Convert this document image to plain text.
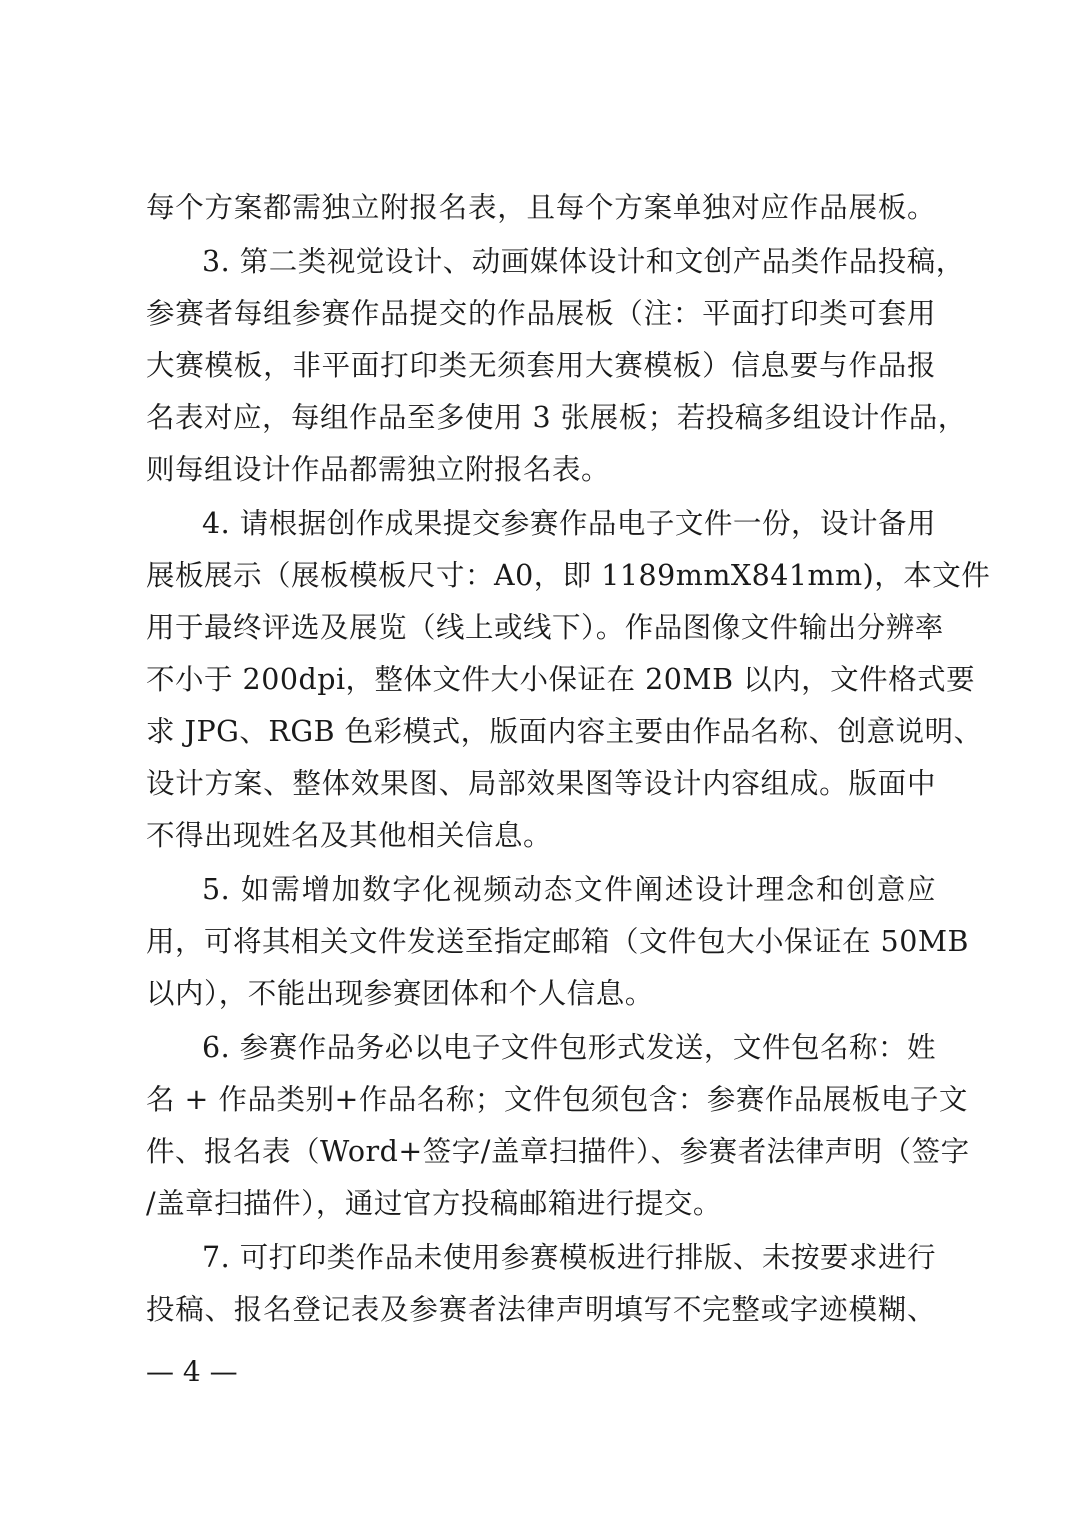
每个方案都需独立附报名表，且每个方案单独对应作品展板。
3. 第二类视觉设计、动画媒体设计和文创产品类作品投稿，
参赛者每组参赛作品提交的作品展板（注：平面打印类可套用
大赛模板，非平面打印类无须套用大赛模板）信息要与作品报
名表对应，每组作品至多使用 3 张展板；若投稿多组设计作品，
则每组设计作品都需独立附报名表。
4. 请根据创作成果提交参赛作品电子文件一份，设计备用
展板展示（展板模板尺寸：A0，即 1189mmX841mm)，本文件
用于最终评选及展览（线上或线下）。作品图像文件输出分辨率
不小于 200dpi，整体文件大小保证在 20MB 以内，文件格式要
求 JPG、RGB 色彩模式，版面内容主要由作品名称、创意说明、
设计方案、整体效果图、局部效果图等设计内容组成。版面中
不得出现姓名及其他相关信息。
5. 如需增加数字化视频动态文件阐述设计理念和创意应
用，可将其相关文件发送至指定邮箱（文件包大小保证在 50MB
以内），不能出现参赛团体和个人信息。
6. 参赛作品务必以电子文件包形式发送，文件包名称：姓
名 + 作品类别+作品名称；文件包须包含：参赛作品展板电子文
件、报名表（Word+签字/盖章扫描件）、参赛者法律声明（签字
/盖章扫描件），通过官方投稿邮箱进行提交。
7. 可打印类作品未使用参赛模板进行排版、未按要求进行
投稿、报名登记表及参赛者法律声明填写不完整或字迹模糊、
— 4 —
